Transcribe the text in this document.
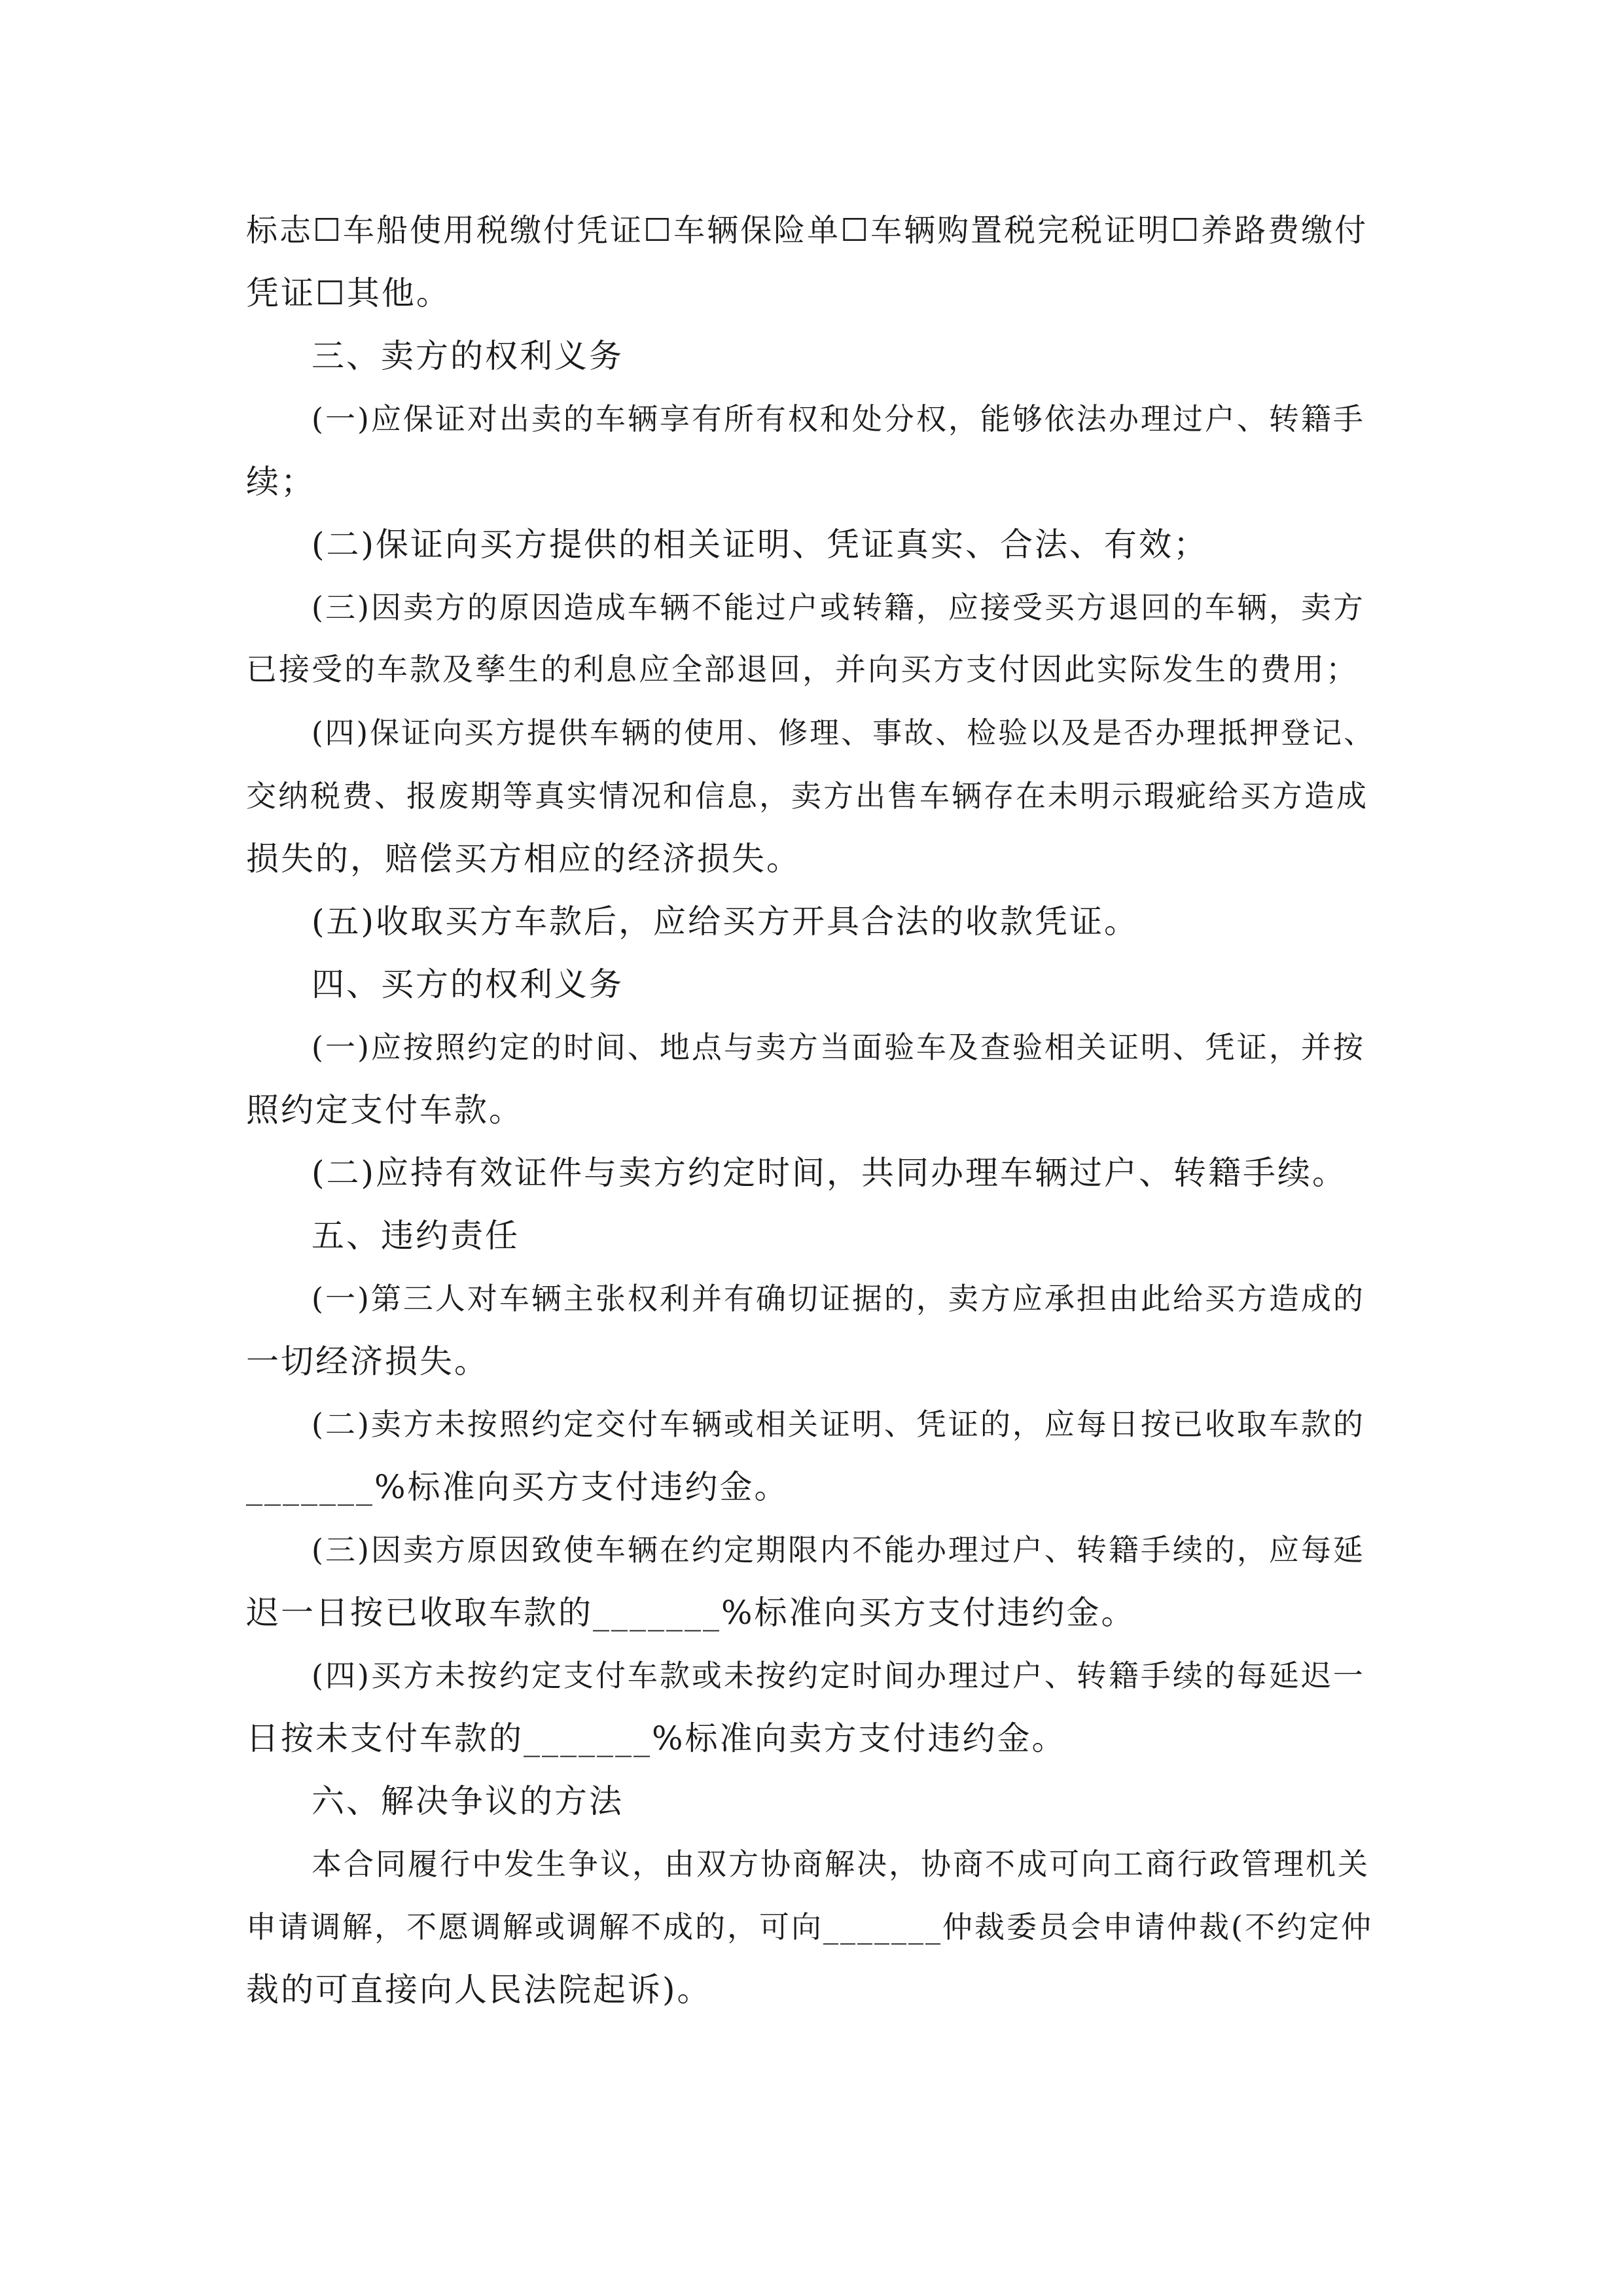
标志☐车船使用税缴付凭证☐车辆保险单☐车辆购置税完税证明☐养路费缴付
凭证☐其他。
三、卖方的权利义务
(一)应保证对出卖的车辆享有所有权和处分权，能够依法办理过户、转籍手
续；
(二)保证向买方提供的相关证明、凭证真实、合法、有效；
(三)因卖方的原因造成车辆不能过户或转籍，应接受买方退回的车辆，卖方
已接受的车款及孳生的利息应全部退回，并向买方支付因此实际发生的费用；
(四)保证向买方提供车辆的使用、修理、事故、检验以及是否办理抵押登记、
交纳税费、报废期等真实情况和信息，卖方出售车辆存在未明示瑕疵给买方造成
损失的，赔偿买方相应的经济损失。
(五)收取买方车款后，应给买方开具合法的收款凭证。
四、买方的权利义务
(一)应按照约定的时间、地点与卖方当面验车及查验相关证明、凭证，并按
照约定支付车款。
(二)应持有效证件与卖方约定时间，共同办理车辆过户、转籍手续。
五、违约责任
(一)第三人对车辆主张权利并有确切证据的，卖方应承担由此给买方造成的
一切经济损失。
(二)卖方未按照约定交付车辆或相关证明、凭证的，应每日按已收取车款的
_______%标准向买方支付违约金。
(三)因卖方原因致使车辆在约定期限内不能办理过户、转籍手续的，应每延
迟一日按已收取车款的_______%标准向买方支付违约金。
(四)买方未按约定支付车款或未按约定时间办理过户、转籍手续的每延迟一
日按未支付车款的_______%标准向卖方支付违约金。
六、解决争议的方法
本合同履行中发生争议，由双方协商解决，协商不成可向工商行政管理机关
申请调解，不愿调解或调解不成的，可向_______仲裁委员会申请仲裁(不约定仲
裁的可直接向人民法院起诉)。
